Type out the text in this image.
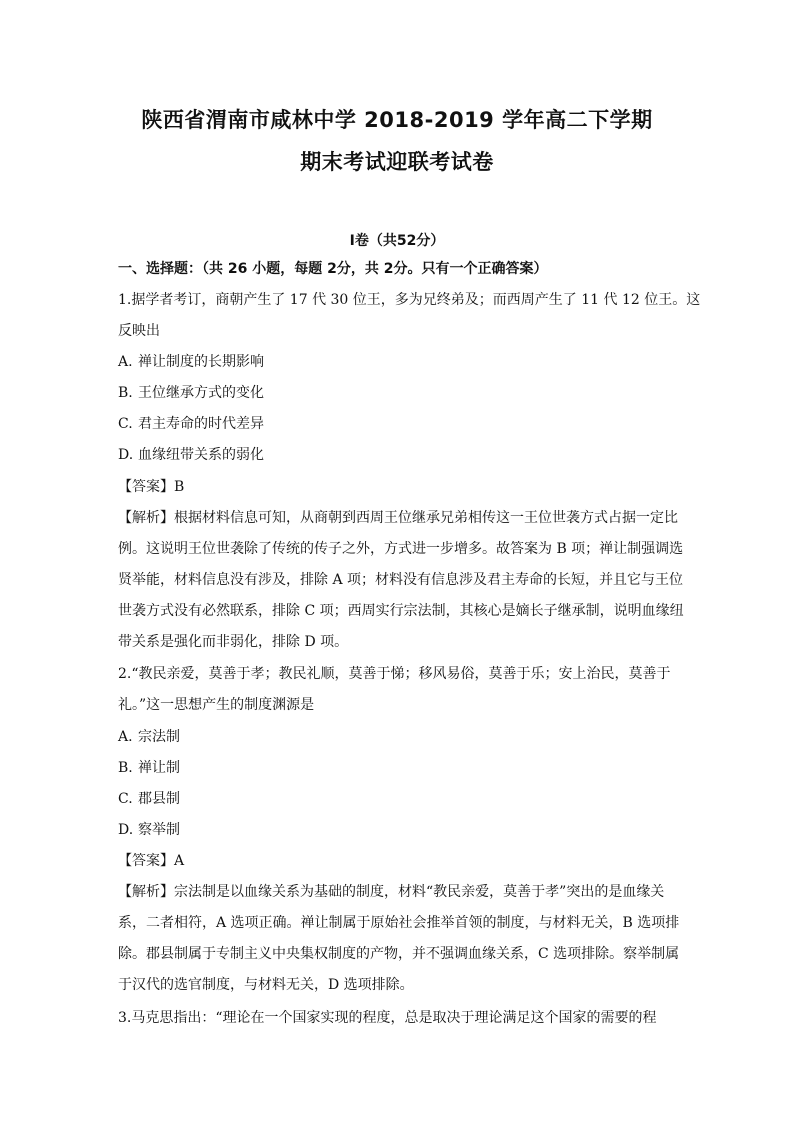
陕西省渭南市咸林中学 2018-2019 学年高二下学期
期末考试迎联考试卷
Ⅰ卷（共52分）
一、选择题：（共 26 小题，每题 2分，共 2分。只有一个正确答案）
1.据学者考订，商朝产生了 17 代 30 位王，多为兄终弟及；而西周产生了 11 代 12 位王。这
反映出
A. 禅让制度的长期影响
B. 王位继承方式的变化
C. 君主寿命的时代差异
D. 血缘纽带关系的弱化
【答案】B
【解析】根据材料信息可知，从商朝到西周王位继承兄弟相传这一王位世袭方式占据一定比
例。这说明王位世袭除了传统的传子之外，方式进一步增多。故答案为 B 项；禅让制强调选
贤举能，材料信息没有涉及，排除 A 项；材料没有信息涉及君主寿命的长短，并且它与王位
世袭方式没有必然联系，排除 C 项；西周实行宗法制，其核心是嫡长子继承制，说明血缘纽
带关系是强化而非弱化，排除 D 项。
2.“教民亲爱，莫善于孝；教民礼顺，莫善于悌；移风易俗，莫善于乐；安上治民，莫善于
礼。”这一思想产生的制度渊源是
A. 宗法制
B. 禅让制
C. 郡县制
D. 察举制
【答案】A
【解析】宗法制是以血缘关系为基础的制度，材料“教民亲爱，莫善于孝”突出的是血缘关
系，二者相符，A 选项正确。禅让制属于原始社会推举首领的制度，与材料无关，B 选项排
除。郡县制属于专制主义中央集权制度的产物，并不强调血缘关系，C 选项排除。察举制属
于汉代的选官制度，与材料无关，D 选项排除。
3.马克思指出：“理论在一个国家实现的程度，总是取决于理论满足这个国家的需要的程
